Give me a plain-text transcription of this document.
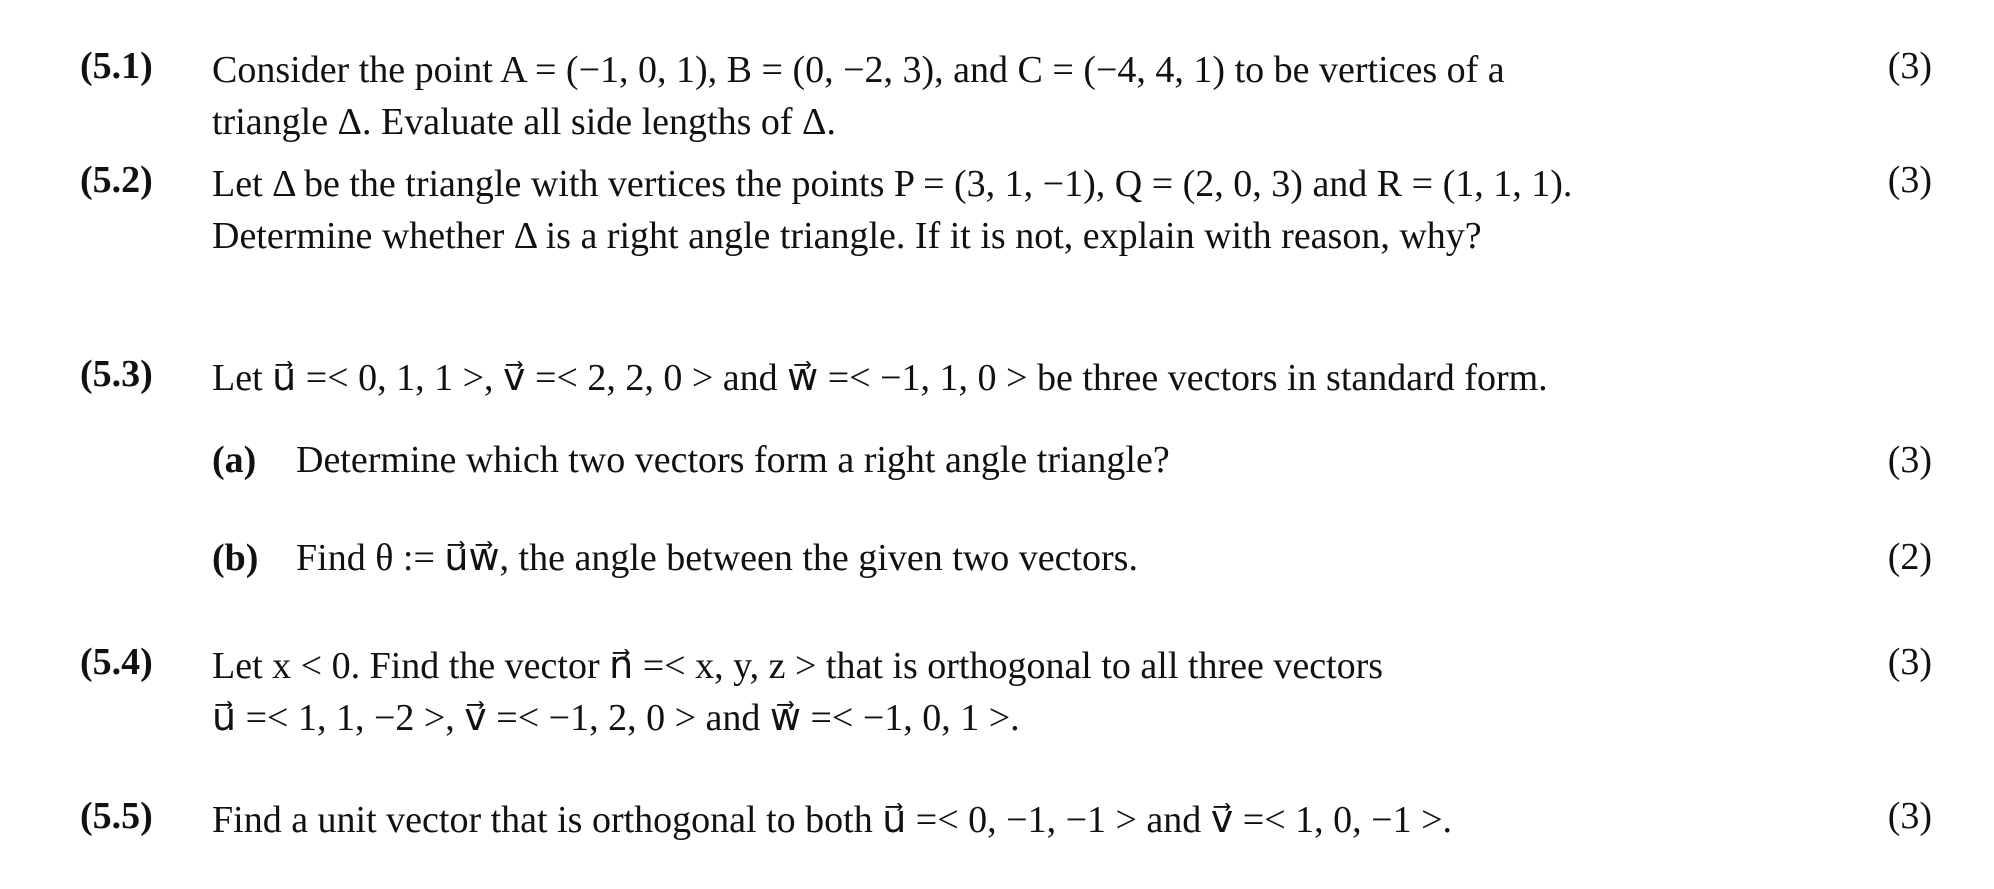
(5.1) Consider the point A = (−1, 0, 1), B = (0, −2, 3), and C = (−4, 4, 1) to be vertices of a
triangle Δ. Evaluate all side lengths of Δ.
(3)
(5.2) Let Δ be the triangle with vertices the points P = (3, 1, −1), Q = (2, 0, 3) and R = (1, 1, 1).
Determine whether Δ is a right angle triangle. If it is not, explain with reason, why?
(3)
(5.3) Let u⃗ =< 0, 1, 1 >, v⃗ =< 2, 2, 0 > and w⃗ =< −1, 1, 0 > be three vectors in standard form.
(a) Determine which two vectors form a right angle triangle?	(3)
(b) Find θ := u⃗w⃗, the angle between the given two vectors.	(2)
(5.4) Let x < 0. Find the vector n⃗ =< x, y, z > that is orthogonal to all three vectors
u⃗ =< 1, 1, −2 >, v⃗ =< −1, 2, 0 > and w⃗ =< −1, 0, 1 >.
(3)
(5.5) Find a unit vector that is orthogonal to both u⃗ =< 0, −1, −1 > and v⃗ =< 1, 0, −1 >.	(3)
